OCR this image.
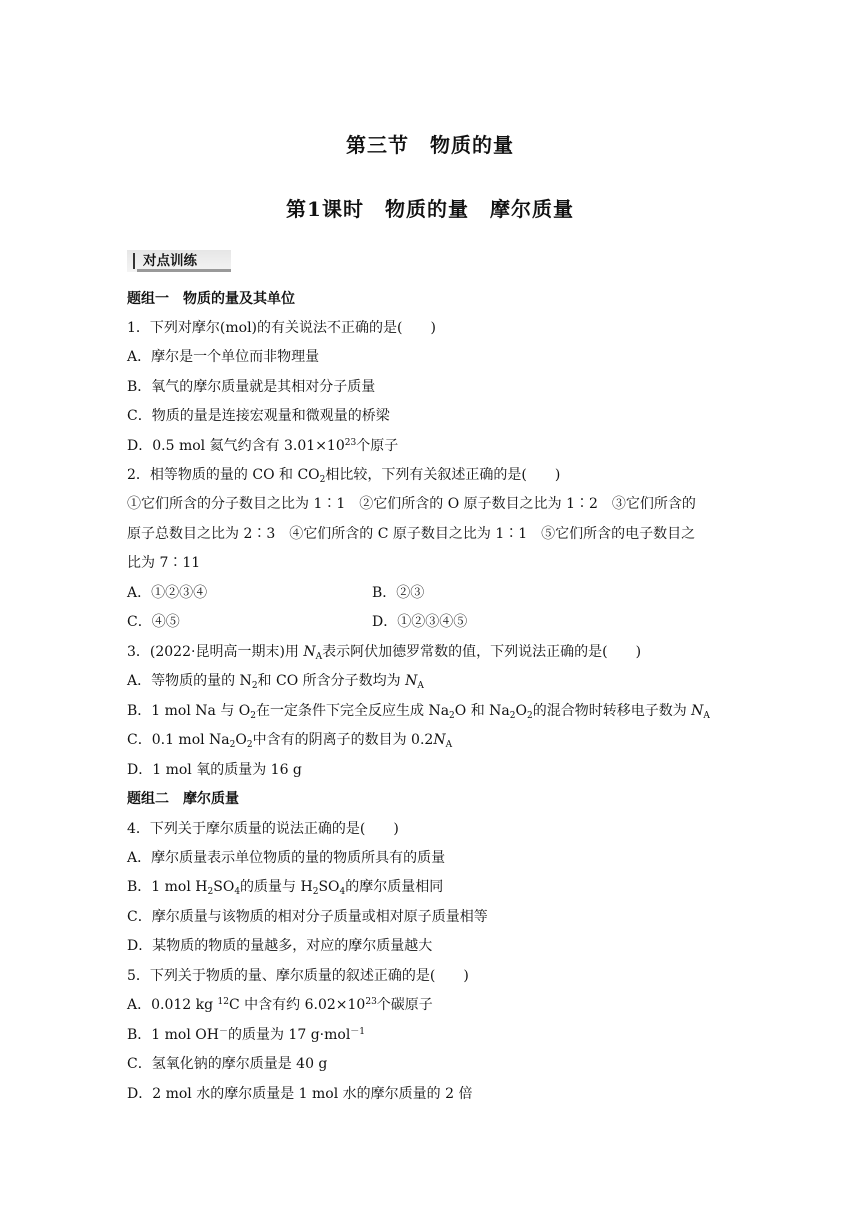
第三节　物质的量
第1课时　物质的量　摩尔质量
对点训练
题组一　物质的量及其单位
1．下列对摩尔(mol)的有关说法不正确的是(　　)
A．摩尔是一个单位而非物理量
B．氧气的摩尔质量就是其相对分子质量
C．物质的量是连接宏观量和微观量的桥梁
D．0.5 mol 氦气约含有 $3.01\times 10^{23}$个原子
2．相等物质的量的 CO 和 $CO_2$相比较，下列有关叙述正确的是(　　)
①它们所含的分子数目之比为 1∶1　②它们所含的 O 原子数目之比为 1∶2　③它们所含的
原子总数目之比为 2∶3　④它们所含的 C 原子数目之比为 1∶1　⑤它们所含的电子数目之
比为 7∶11
A．①②③④	B．②③
C．④⑤	D．①②③④⑤
3．(2022·昆明高一期末)用 $N_A$表示阿伏加德罗常数的值，下列说法正确的是(　　)
A．等物质的量的 $N_2$和 CO 所含分子数均为 $N_A$
B．1 mol Na 与 $O_2$在一定条件下完全反应生成 $Na_2O$ 和 $Na_2O_2$的混合物时转移电子数为 $N_A$
C．0.1 mol $Na_2O_2$中含有的阴离子的数目为 $0.2N_A$
D．1 mol 氧的质量为 16 g
题组二　摩尔质量
4．下列关于摩尔质量的说法正确的是(　　)
A．摩尔质量表示单位物质的量的物质所具有的质量
B．1 mol $H_2SO_4$的质量与 $H_2SO_4$的摩尔质量相同
C．摩尔质量与该物质的相对分子质量或相对原子质量相等
D．某物质的物质的量越多，对应的摩尔质量越大
5．下列关于物质的量、摩尔质量的叙述正确的是(　　)
A．0.012 kg $^{12}$C 中含有约 $6.02\times 10^{23}$个碳原子
B．1 mol OH－的质量为 17 g·mol$^{-1}$
C．氢氧化钠的摩尔质量是 40 g
D．2 mol 水的摩尔质量是 1 mol 水的摩尔质量的 2 倍
